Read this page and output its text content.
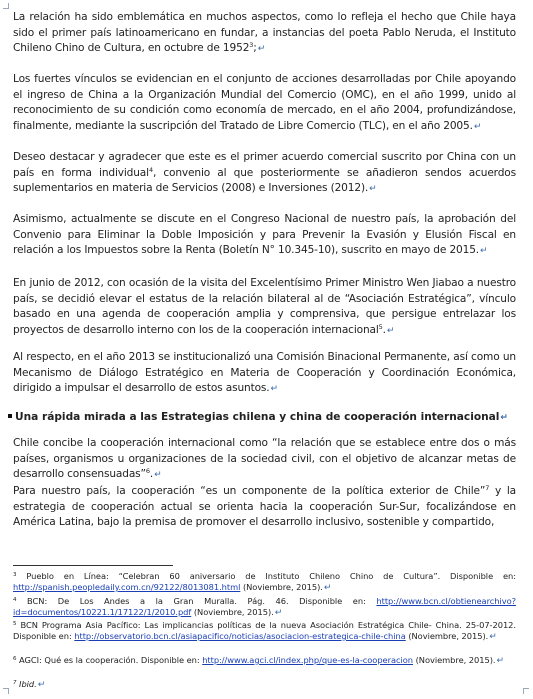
La relación ha sido emblemática en muchos aspectos, como lo refleja el hecho que Chile haya sido el primer país latinoamericano en fundar, a instancias del poeta Pablo Neruda, el Instituto Chileno Chino de Cultura, en octubre de 1952$^3$;↵

Los fuertes vínculos se evidencian en el conjunto de acciones desarrolladas por Chile apoyando el ingreso de China a la Organización Mundial del Comercio (OMC), en el año 1999, unido al reconocimiento de su condición como economía de mercado, en el año 2004, profundizándose, finalmente, mediante la suscripción del Tratado de Libre Comercio (TLC), en el año 2005.↵

Deseo destacar y agradecer que este es el primer acuerdo comercial suscrito por China con un país en forma individual$^4$, convenio al que posteriormente se añadieron sendos acuerdos suplementarios en materia de Servicios (2008) e Inversiones (2012).↵

Asimismo, actualmente se discute en el Congreso Nacional de nuestro país, la aprobación del Convenio para Eliminar la Doble Imposición y para Prevenir la Evasión y Elusión Fiscal en relación a los Impuestos sobre la Renta (Boletín N° 10.345-10), suscrito en mayo de 2015.↵

En junio de 2012, con ocasión de la visita del Excelentísimo Primer Ministro Wen Jiabao a nuestro país, se decidió elevar el estatus de la relación bilateral al de “Asociación Estratégica”, vínculo basado en una agenda de cooperación amplia y comprensiva, que persigue entrelazar los proyectos de desarrollo interno con los de la cooperación internacional$^5$.↵

Al respecto, en el año 2013 se institucionalizó una Comisión Binacional Permanente, así como un Mecanismo de Diálogo Estratégico en Materia de Cooperación y Coordinación Económica, dirigido a impulsar el desarrollo de estos asuntos.↵

Una rápida mirada a las Estrategias chilena y china de cooperación internacional↵

Chile concibe la cooperación internacional como “la relación que se establece entre dos o más países, organismos u organizaciones de la sociedad civil, con el objetivo de alcanzar metas de desarrollo consensuadas”$^6$.↵

Para nuestro país, la cooperación “es un componente de la política exterior de Chile”$^7$ y la estrategia de cooperación actual se orienta hacia la cooperación Sur-Sur, focalizándose en América Latina, bajo la premisa de promover el desarrollo inclusivo, sostenible y compartido,

$^3$ Pueblo en Línea: “Celebran 60 aniversario de Instituto Chileno Chino de Cultura”. Disponible en: http://spanish.peopledaily.com.cn/92122/8013081.html (Noviembre, 2015).↵

$^4$ BCN: De Los Andes a la Gran Muralla. Pág. 46. Disponible en: http://www.bcn.cl/obtienearchivo?id=documentos/10221.1/17122/1/2010.pdf (Noviembre, 2015).↵

$^5$ BCN Programa Asia Pacífico: Las implicancias políticas de la nueva Asociación Estratégica Chile- China. 25-07-2012. Disponible en: http://observatorio.bcn.cl/asiapacifico/noticias/asociacion-estrategica-chile-china (Noviembre, 2015).↵

$^6$ AGCI: Qué es la cooperación. Disponible en: http://www.agci.cl/index.php/que-es-la-cooperacion (Noviembre, 2015).↵

$^7$ Ibid.↵
